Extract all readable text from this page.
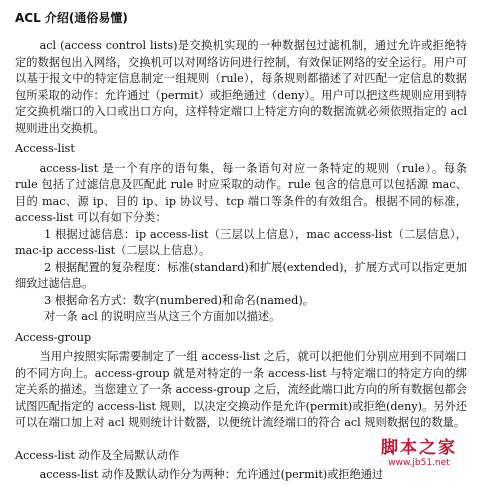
ACL 介绍(通俗易懂)

acl (access control lists)是交换机实现的一种数据包过滤机制，通过允许或拒绝特定的数据包出入网络，交换机可以对网络访问进行控制，有效保证网络的安全运行。用户可以基于报文中的特定信息制定一组规则（rule），每条规则都描述了对匹配一定信息的数据包所采取的动作：允许通过（permit）或拒绝通过（deny）。用户可以把这些规则应用到特定交换机端口的入口或出口方向，这样特定端口上特定方向的数据流就必须依照指定的 acl 规则进出交换机。

Access-list

access-list 是一个有序的语句集，每一条语句对应一条特定的规则（rule）。每条 rule 包括了过滤信息及匹配此 rule 时应采取的动作。rule 包含的信息可以包括源 mac、目的 mac、源 ip、目的 ip、ip 协议号、tcp 端口等条件的有效组合。根据不同的标准，access-list 可以有如下分类：

1 根据过滤信息：ip access-list（三层以上信息），mac access-list（二层信息），mac-ip access-list（二层以上信息）。

2 根据配置的复杂程度：标准(standard)和扩展(extended)，扩展方式可以指定更加细致过滤信息。

3 根据命名方式：数字(numbered)和命名(named)。

对一条 acl 的说明应当从这三个方面加以描述。

Access-group

当用户按照实际需要制定了一组 access-list 之后，就可以把他们分别应用到不同端口的不同方向上。access-group 就是对特定的一条 access-list 与特定端口的特定方向的绑定关系的描述。当您建立了一条 access-group 之后，流经此端口此方向的所有数据包都会试图匹配指定的 access-list 规则，以决定交换动作是允许(permit)或拒绝(deny)。另外还可以在端口加上对 acl 规则统计计数器，以便统计流经端口的符合 acl 规则数据包的数量。

Access-list 动作及全局默认动作

access-list 动作及默认动作分为两种：允许通过(permit)或拒绝通过

脚本之家
www.jb51.net
